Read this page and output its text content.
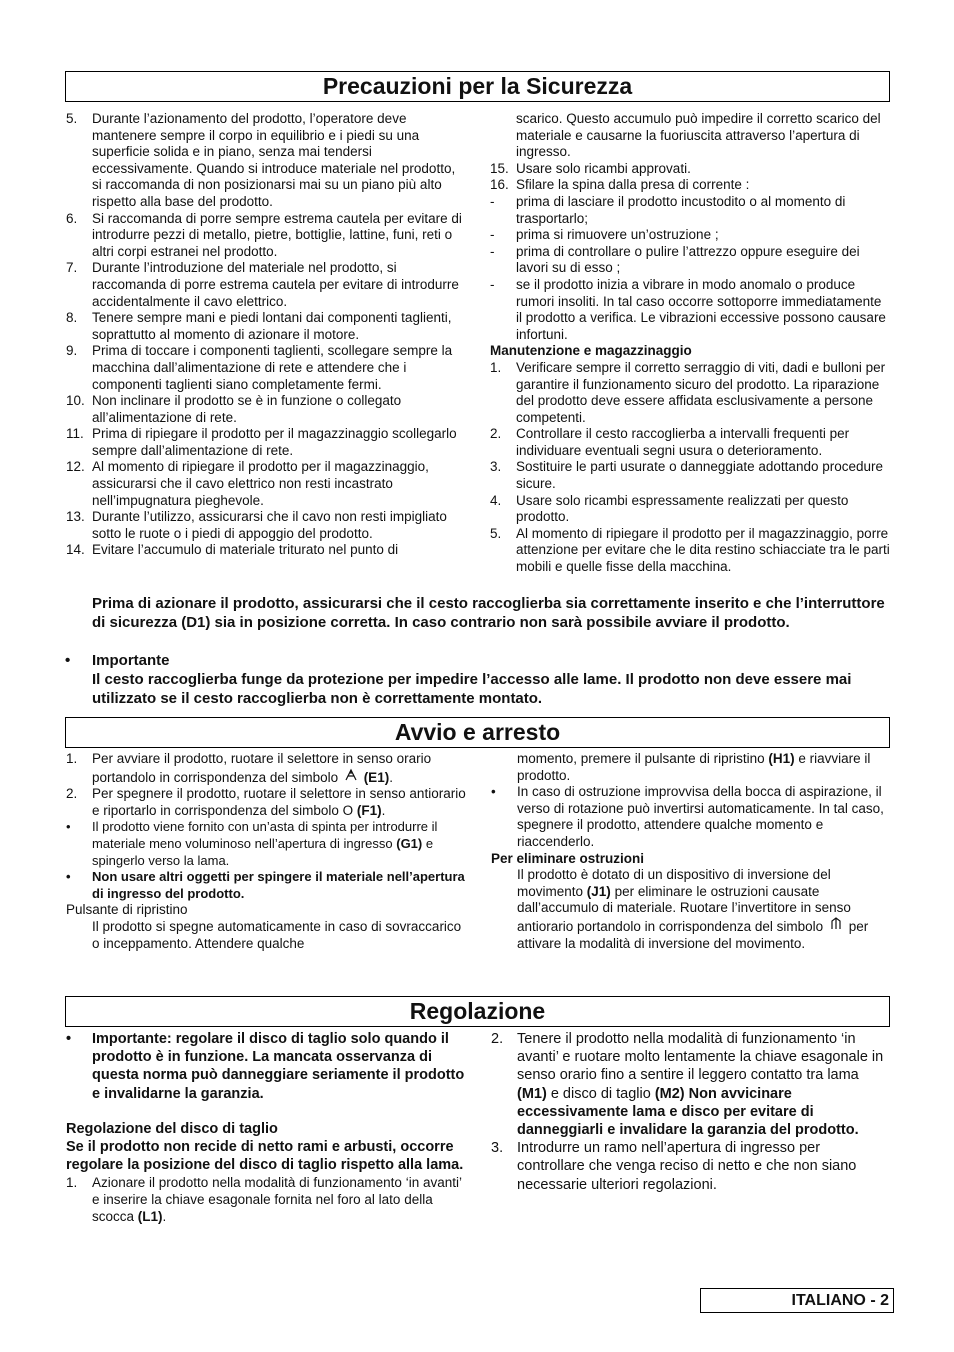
Precauzioni per la Sicurezza
5. Durante l’azionamento del prodotto, l’operatore deve mantenere sempre il corpo in equilibrio e i piedi su una superficie solida e in piano, senza mai tendersi eccessivamente. Quando si introduce materiale nel prodotto, si raccomanda di non posizionarsi mai su un piano più alto rispetto alla base del prodotto.
6. Si raccomanda di porre sempre estrema cautela per evitare di introdurre pezzi di metallo, pietre, bottiglie, lattine, funi, reti o altri corpi estranei nel prodotto.
7. Durante l’introduzione del materiale nel prodotto, si raccomanda di porre estrema cautela per evitare di introdurre accidentalmente il cavo elettrico.
8. Tenere sempre mani e piedi lontani dai componenti taglienti, soprattutto al momento di azionare il motore.
9. Prima di toccare i componenti taglienti, scollegare sempre la macchina dall’alimentazione di rete e attendere che i componenti taglienti siano completamente fermi.
10. Non inclinare il prodotto se è in funzione o collegato all’alimentazione di rete.
11. Prima di ripiegare il prodotto per il magazzinaggio scollegarlo sempre dall’alimentazione di rete.
12. Al momento di ripiegare il prodotto per il magazzinaggio, assicurarsi che il cavo elettrico non resti incastrato nell’impugnatura pieghevole.
13. Durante l’utilizzo, assicurarsi che il cavo non resti impigliato sotto le ruote o i piedi di appoggio del prodotto.
14. Evitare l’accumulo di materiale triturato nel punto di
scarico. Questo accumulo può impedire il corretto scarico del materiale e causarne la fuoriuscita attraverso l’apertura di ingresso.
15. Usare solo ricambi approvati.
16. Sfilare la spina dalla presa di corrente :
- prima di lasciare il prodotto incustodito o al momento di trasportarlo;
- prima si rimuovere un’ostruzione ;
- prima di controllare o pulire l’attrezzo oppure eseguire dei lavori su di esso ;
- se il prodotto inizia a vibrare in modo anomalo o produce rumori insoliti. In tal caso occorre sottoporre immediatamente il prodotto a verifica. Le vibrazioni eccessive possono causare infortuni.
Manutenzione e magazzinaggio
1. Verificare sempre il corretto serraggio di viti, dadi e bulloni per garantire il funzionamento sicuro del prodotto. La riparazione del prodotto deve essere affidata esclusivamente a persone competenti.
2. Controllare il cesto raccoglierba a intervalli frequenti per individuare eventuali segni usura o deterioramento.
3. Sostituire le parti usurate o danneggiate adottando procedure sicure.
4. Usare solo ricambi espressamente realizzati per questo prodotto.
5. Al momento di ripiegare il prodotto per il magazzinaggio, porre attenzione per evitare che le dita restino schiacciate tra le parti mobili e quelle fisse della macchina.
Prima di azionare il prodotto, assicurarsi che il cesto raccoglierba sia correttamente inserito e che l’interruttore di sicurezza (D1) sia in posizione corretta. In caso contrario non sarà possibile avviare il prodotto.
• Importante
Il cesto raccoglierba funge da protezione per impedire l’accesso alle lame. Il prodotto non deve essere mai utilizzato se il cesto raccoglierba non è correttamente montato.
Avvio e arresto
1. Per avviare il prodotto, ruotare il selettore in senso orario portandolo in corrispondenza del simbolo (E1).
2. Per spegnere il prodotto, ruotare il selettore in senso antiorario e riportarlo in corrispondenza del simbolo O (F1).
• Il prodotto viene fornito con un’asta di spinta per introdurre il materiale meno voluminoso nell’apertura di ingresso (G1) e spingerlo verso la lama.
• Non usare altri oggetti per spingere il materiale nell’apertura di ingresso del prodotto.
Pulsante di ripristino
Il prodotto si spegne automaticamente in caso di sovraccarico o inceppamento. Attendere qualche
momento, premere il pulsante di ripristino (H1) e riavviare il prodotto.
• In caso di ostruzione improvvisa della bocca di aspirazione, il verso di rotazione può invertirsi automaticamente. In tal caso, spegnere il prodotto, attendere qualche momento e riaccenderlo.
Per eliminare ostruzioni
Il prodotto è dotato di un dispositivo di inversione del movimento (J1) per eliminare le ostruzioni causate dall’accumulo di materiale. Ruotare l’invertitore in senso antiorario portandolo in corrispondenza del simbolo per attivare la modalità di inversione del movimento.
Regolazione
• Importante: regolare il disco di taglio solo quando il prodotto è in funzione. La mancata osservanza di questa norma può danneggiare seriamente il prodotto e invalidarne la garanzia.
Regolazione del disco di taglio
Se il prodotto non recide di netto rami e arbusti, occorre regolare la posizione del disco di taglio rispetto alla lama.
1. Azionare il prodotto nella modalità di funzionamento ‘in avanti’ e inserire la chiave esagonale fornita nel foro al lato della scocca (L1).
2. Tenere il prodotto nella modalità di funzionamento ‘in avanti’ e ruotare molto lentamente la chiave esagonale in senso orario fino a sentire il leggero contatto tra lama (M1) e disco di taglio (M2) Non avvicinare eccessivamente lama e disco per evitare di danneggiarli e invalidare la garanzia del prodotto.
3. Introdurre un ramo nell’apertura di ingresso per controllare che venga reciso di netto e che non siano necessarie ulteriori regolazioni.
ITALIANO - 2
